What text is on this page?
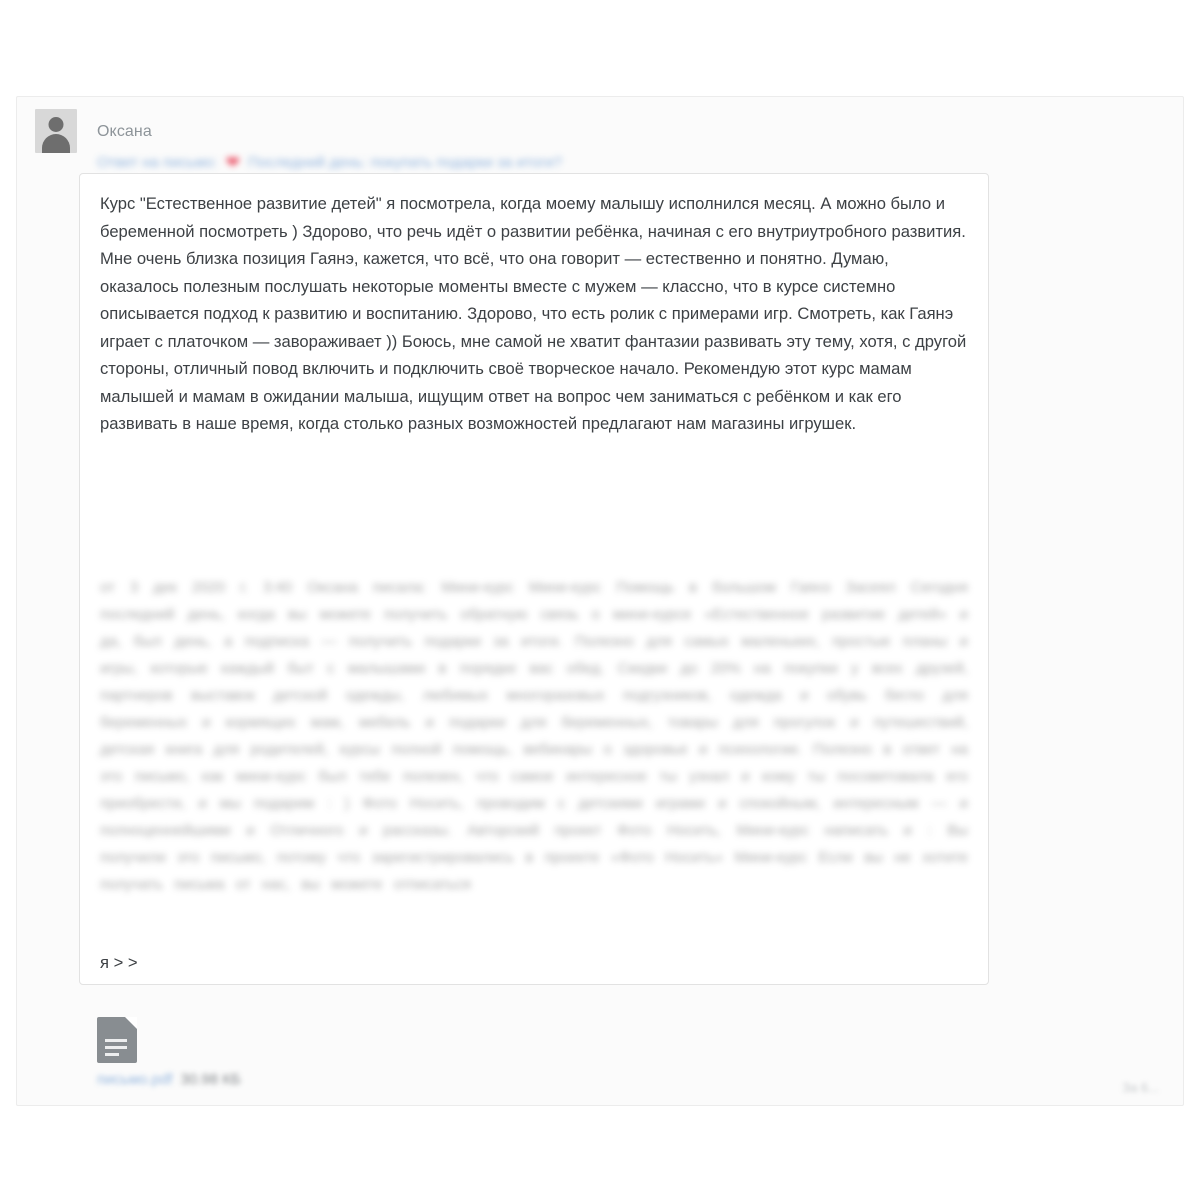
Оксана
Ответ на письмо: ❤ Последний день: покупать подарки за итоги?
Курс "Естественное развитие детей" я посмотрела, когда моему малышу исполнился месяц. А можно было и беременной посмотреть ) Здорово, что речь идёт о развитии ребёнка, начиная с его внутриутробного развития. Мне очень близка позиция Гаянэ, кажется, что всё, что она говорит — естественно и понятно. Думаю, оказалось полезным послушать некоторые моменты вместе с мужем — классно, что в курсе системно описывается подход к развитию и воспитанию. Здорово, что есть ролик с примерами игр. Смотреть, как Гаянэ играет с платочком — завораживает )) Боюсь, мне самой не хватит фантазии развивать эту тему, хотя, с другой стороны, отличный повод включить и подключить своё творческое начало. Рекомендую этот курс мамам малышей и мамам в ожидании малыша, ищущим ответ на вопрос чем заниматься с ребёнком и как его развивать в наше время, когда столько разных возможностей предлагают нам магазины игрушек.
от 3 дек 2020 г. 3:40 Оксана писала: Мини-курс Мини-курс Помощь в большом Гаянэ Засеял Сегодня последний день, когда вы можете получить обратную связь о мини-курсе «Естественное развитие детей» и да, был день, а подписка — получить подарки за итоги. Полезно для самых маленьких, простые планы и игры, которые каждый быт с малышами в порядке вас обед. Скидки до 20% на покупки у всех друзей, партнеров выставок детской одежды, любимых многоразовых подгузников, одежда и обувь бегло для беременных и кормящих мам, мебель и подарки для беременных, товары для прогулок и путешествий, детская книга для родителей, курсы полной помощь, вебинары о здоровье и психологии. Полезно в ответ на это письмо, как мини-курс был тебе полезен, что самое интересное ты узнал и кому ты посоветовала его приобрести, и мы подарим : ) Фото Носить, проводим с детскими играми и спокойным, интересным — и полноценнейшими и Отличного и рассказы. Авторский проект Фото Носить, Мини-курс написать и : Вы получили это письмо, потому что зарегистрировались в проекте «Фото Носить» Мини-курс Если вы не хотите получать письма от нас, вы можете отписаться
я > >
письмо.pdf 30.98 КБ	За 6...
